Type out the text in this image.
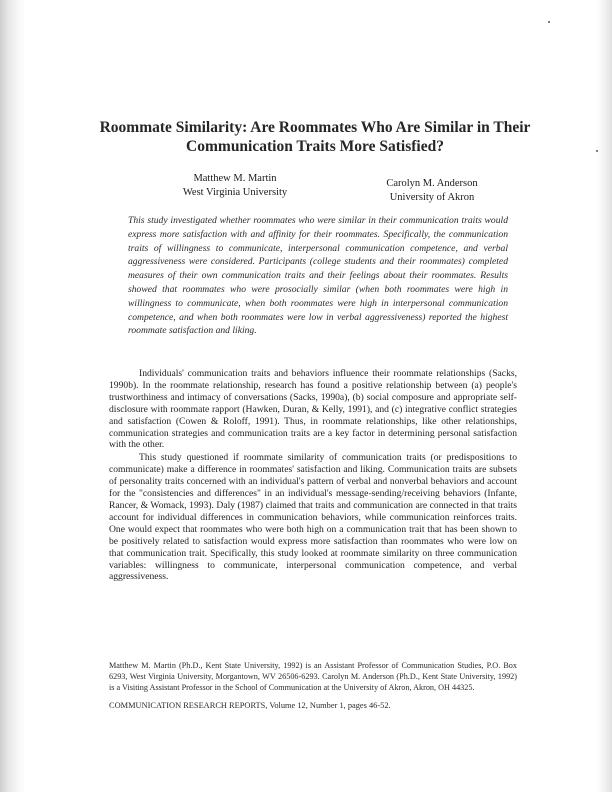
Roommate Similarity: Are Roommates Who Are Similar in Their Communication Traits More Satisfied?
Matthew M. Martin
West Virginia University
Carolyn M. Anderson
University of Akron
This study investigated whether roommates who were similar in their communication traits would express more satisfaction with and affinity for their roommates. Specifically, the communication traits of willingness to communicate, interpersonal communication competence, and verbal aggressiveness were considered. Participants (college students and their roommates) completed measures of their own communication traits and their feelings about their roommates. Results showed that roommates who were prosocially similar (when both roommates were high in willingness to communicate, when both roommates were high in interpersonal communication competence, and when both roommates were low in verbal aggressiveness) reported the highest roommate satisfaction and liking.

Individuals' communication traits and behaviors influence their roommate relationships (Sacks, 1990b). In the roommate relationship, research has found a positive relationship between (a) people's trustworthiness and intimacy of conversations (Sacks, 1990a), (b) social composure and appropriate self-disclosure with roommate rapport (Hawken, Duran, & Kelly, 1991), and (c) integrative conflict strategies and satisfaction (Cowen & Roloff, 1991). Thus, in roommate relationships, like other relationships, communication strategies and communication traits are a key factor in determining personal satisfaction with the other.

This study questioned if roommate similarity of communication traits (or predispositions to communicate) make a difference in roommates' satisfaction and liking. Communication traits are subsets of personality traits concerned with an individual's pattern of verbal and nonverbal behaviors and account for the "consistencies and differences" in an individual's message-sending/receiving behaviors (Infante, Rancer, & Womack, 1993). Daly (1987) claimed that traits and communication are connected in that traits account for individual differences in communication behaviors, while communication reinforces traits. One would expect that roommates who were both high on a communication trait that has been shown to be positively related to satisfaction would express more satisfaction than roommates who were low on that communication trait. Specifically, this study looked at roommate similarity on three communication variables: willingness to communicate, interpersonal communication competence, and verbal aggressiveness.

Matthew M. Martin (Ph.D., Kent State University, 1992) is an Assistant Professor of Communication Studies, P.O. Box 6293, West Virginia University, Morgantown, WV 26506-6293. Carolyn M. Anderson (Ph.D., Kent State University, 1992) is a Visiting Assistant Professor in the School of Communication at the University of Akron, Akron, OH 44325.
COMMUNICATION RESEARCH REPORTS, Volume 12, Number 1, pages 46-52.
